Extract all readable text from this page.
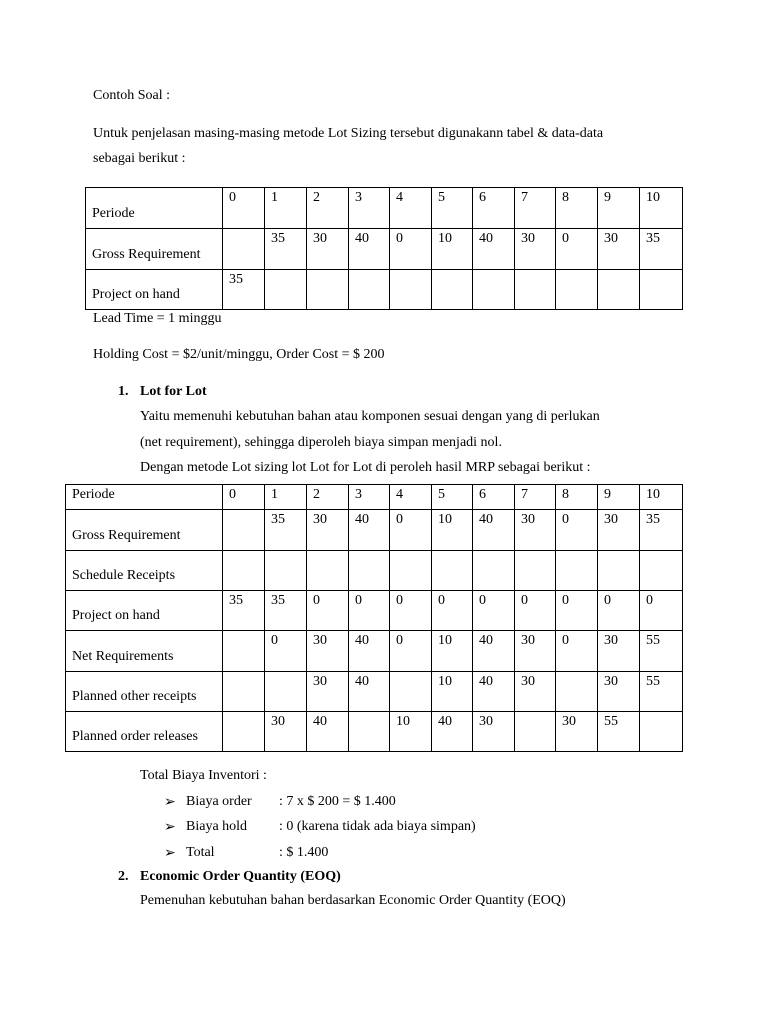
Contoh Soal :
Untuk penjelasan masing-masing metode Lot Sizing tersebut digunakann tabel & data-data
sebagai berikut :
Periode	0	1	2	3	4	5	6	7	8	9	10

Gross Requirement		35	30	40	0	10	40	30	0	30	35

Project on hand	35										

Lead Time = 1 minggu
Holding Cost = $2/unit/minggu, Order Cost = $ 200
1. Lot for Lot
Yaitu memenuhi kebutuhan bahan atau komponen sesuai dengan yang di perlukan
(net requirement), sehingga diperoleh biaya simpan menjadi nol.
Dengan metode Lot sizing lot Lot for Lot di peroleh hasil MRP sebagai berikut :
Periode	0	1	2	3	4	5	6	7	8	9	10

Gross Requirement		35	30	40	0	10	40	30	0	30	35

Schedule Receipts											

Project on hand	35	35	0	0	0	0	0	0	0	0	0

Net Requirements		0	30	40	0	10	40	30	0	30	55

Planned other receipts			30	40		10	40	30		30	55

Planned order releases		30	40		10	40	30		30	55	

Total Biaya Inventori :
➢ Biaya order : 7 x $ 200 = $ 1.400
➢ Biaya hold : 0 (karena tidak ada biaya simpan)
➢ Total	: $ 1.400
2. Economic Order Quantity (EOQ)
Pemenuhan kebutuhan bahan berdasarkan Economic Order Quantity (EOQ)
